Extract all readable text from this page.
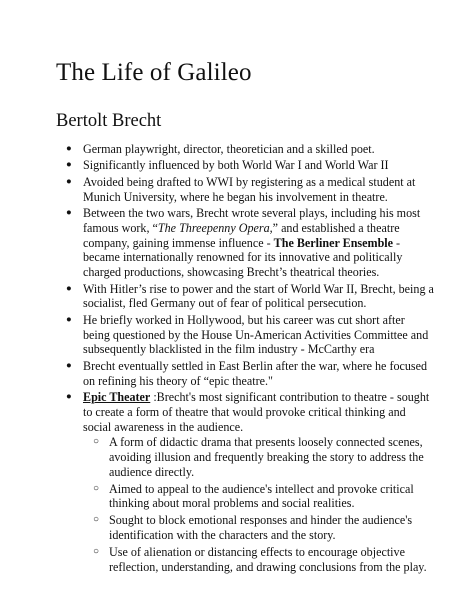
The Life of Galileo
Bertolt Brecht
● German playwright, director, theoretician and a skilled poet.
● Significantly influenced by both World War I and World War II
● Avoided being drafted to WWI by registering as a medical student at Munich University, where he began his involvement in theatre.
● Between the two wars, Brecht wrote several plays, including his most famous work, “The Threepenny Opera,” and established a theatre company, gaining immense influence - The Berliner Ensemble - became internationally renowned for its innovative and politically charged productions, showcasing Brecht’s theatrical theories.
● With Hitler’s rise to power and the start of World War II, Brecht, being a socialist, fled Germany out of fear of political persecution.
● He briefly worked in Hollywood, but his career was cut short after being questioned by the House Un-American Activities Committee and subsequently blacklisted in the film industry - McCarthy era
● Brecht eventually settled in East Berlin after the war, where he focused on refining his theory of “epic theatre."
● Epic Theater :Brecht's most significant contribution to theatre - sought to create a form of theatre that would provoke critical thinking and social awareness in the audience.
○ A form of didactic drama that presents loosely connected scenes, avoiding illusion and frequently breaking the story to address the audience directly.
○ Aimed to appeal to the audience's intellect and provoke critical thinking about moral problems and social realities.
○ Sought to block emotional responses and hinder the audience's identification with the characters and the story.
○ Use of alienation or distancing effects to encourage objective reflection, understanding, and drawing conclusions from the play.
